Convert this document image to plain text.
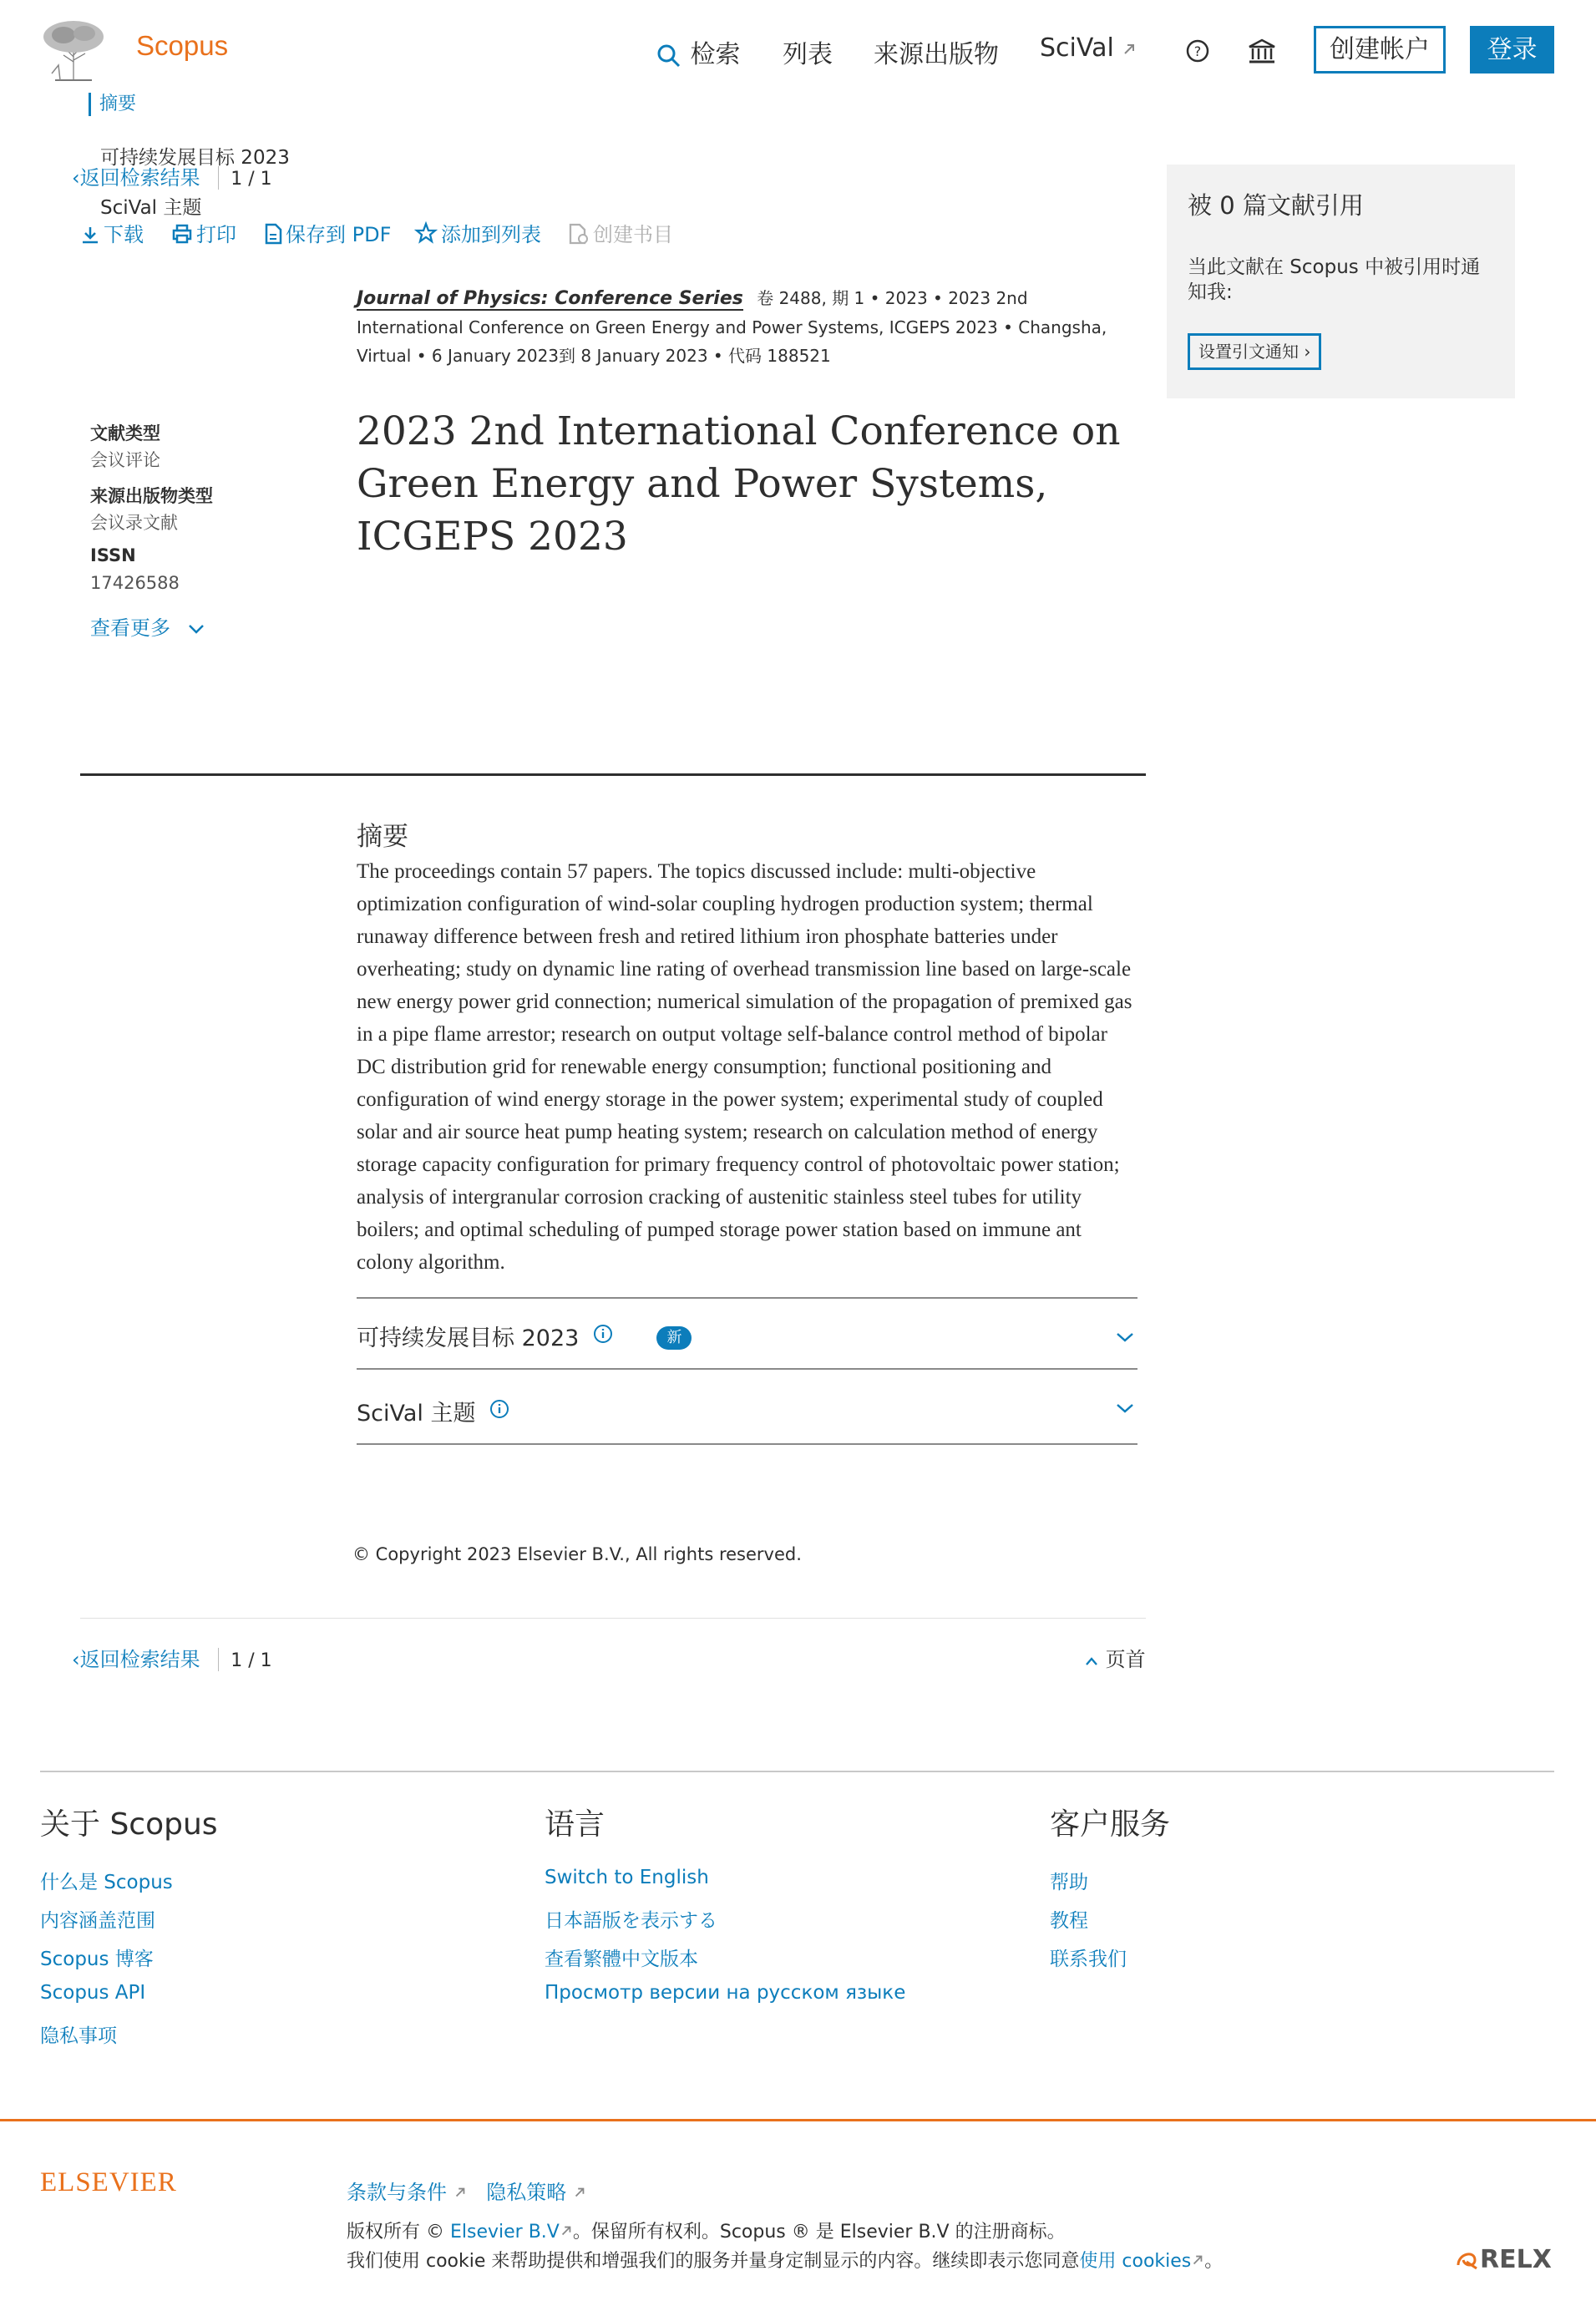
Scopus	检索 列表 来源出版物 SciVal	?	创建帐户	登录
摘要
可持续发展目标 2023
SciVal 主题
‹返回检索结果 1 / 1
下载	打印	保存到 PDF	添加到列表	创建书目
Journal of Physics: Conference Series 卷 2488, 期 1 • 2023 • 2023 2nd International Conference on Green Energy and Power Systems, ICGEPS 2023 • Changsha, Virtual • 6 January 2023到 8 January 2023 • 代码 188521
文献类型
会议评论
来源出版物类型
会议录文献
ISSN
17426588
查看更多
2023 2nd International Conference on Green Energy and Power Systems, ICGEPS 2023
被 0 篇文献引用
当此文献在 Scopus 中被引用时通知我:
设置引文通知 ›
摘要
The proceedings contain 57 papers. The topics discussed include: multi-objective optimization configuration of wind-solar coupling hydrogen production system; thermal runaway difference between fresh and retired lithium iron phosphate batteries under overheating; study on dynamic line rating of overhead transmission line based on large-scale new energy power grid connection; numerical simulation of the propagation of premixed gas in a pipe flame arrestor; research on output voltage self-balance control method of bipolar DC distribution grid for renewable energy consumption; functional positioning and configuration of wind energy storage in the power system; experimental study of coupled solar and air source heat pump heating system; research on calculation method of energy storage capacity configuration for primary frequency control of photovoltaic power station; analysis of intergranular corrosion cracking of austenitic stainless steel tubes for utility boilers; and optimal scheduling of pumped storage power station based on immune ant colony algorithm.
可持续发展目标 2023	新
SciVal 主题
© Copyright 2023 Elsevier B.V., All rights reserved.
‹返回检索结果 1 / 1	页首
关于 Scopus
什么是 Scopus
内容涵盖范围
Scopus 博客
Scopus API
隐私事项
语言
Switch to English
日本語版を表示する
查看繁體中文版本
Просмотр версии на русском языке
客户服务
帮助
教程
联系我们
ELSEVIER	条款与条件 隐私策略
版权所有 © Elsevier B.V 。保留所有权利。Scopus ® 是 Elsevier B.V 的注册商标。
我们使用 cookie 来帮助提供和增强我们的服务并量身定制显示的内容。继续即表示您同意使用 cookies 。	RELX
